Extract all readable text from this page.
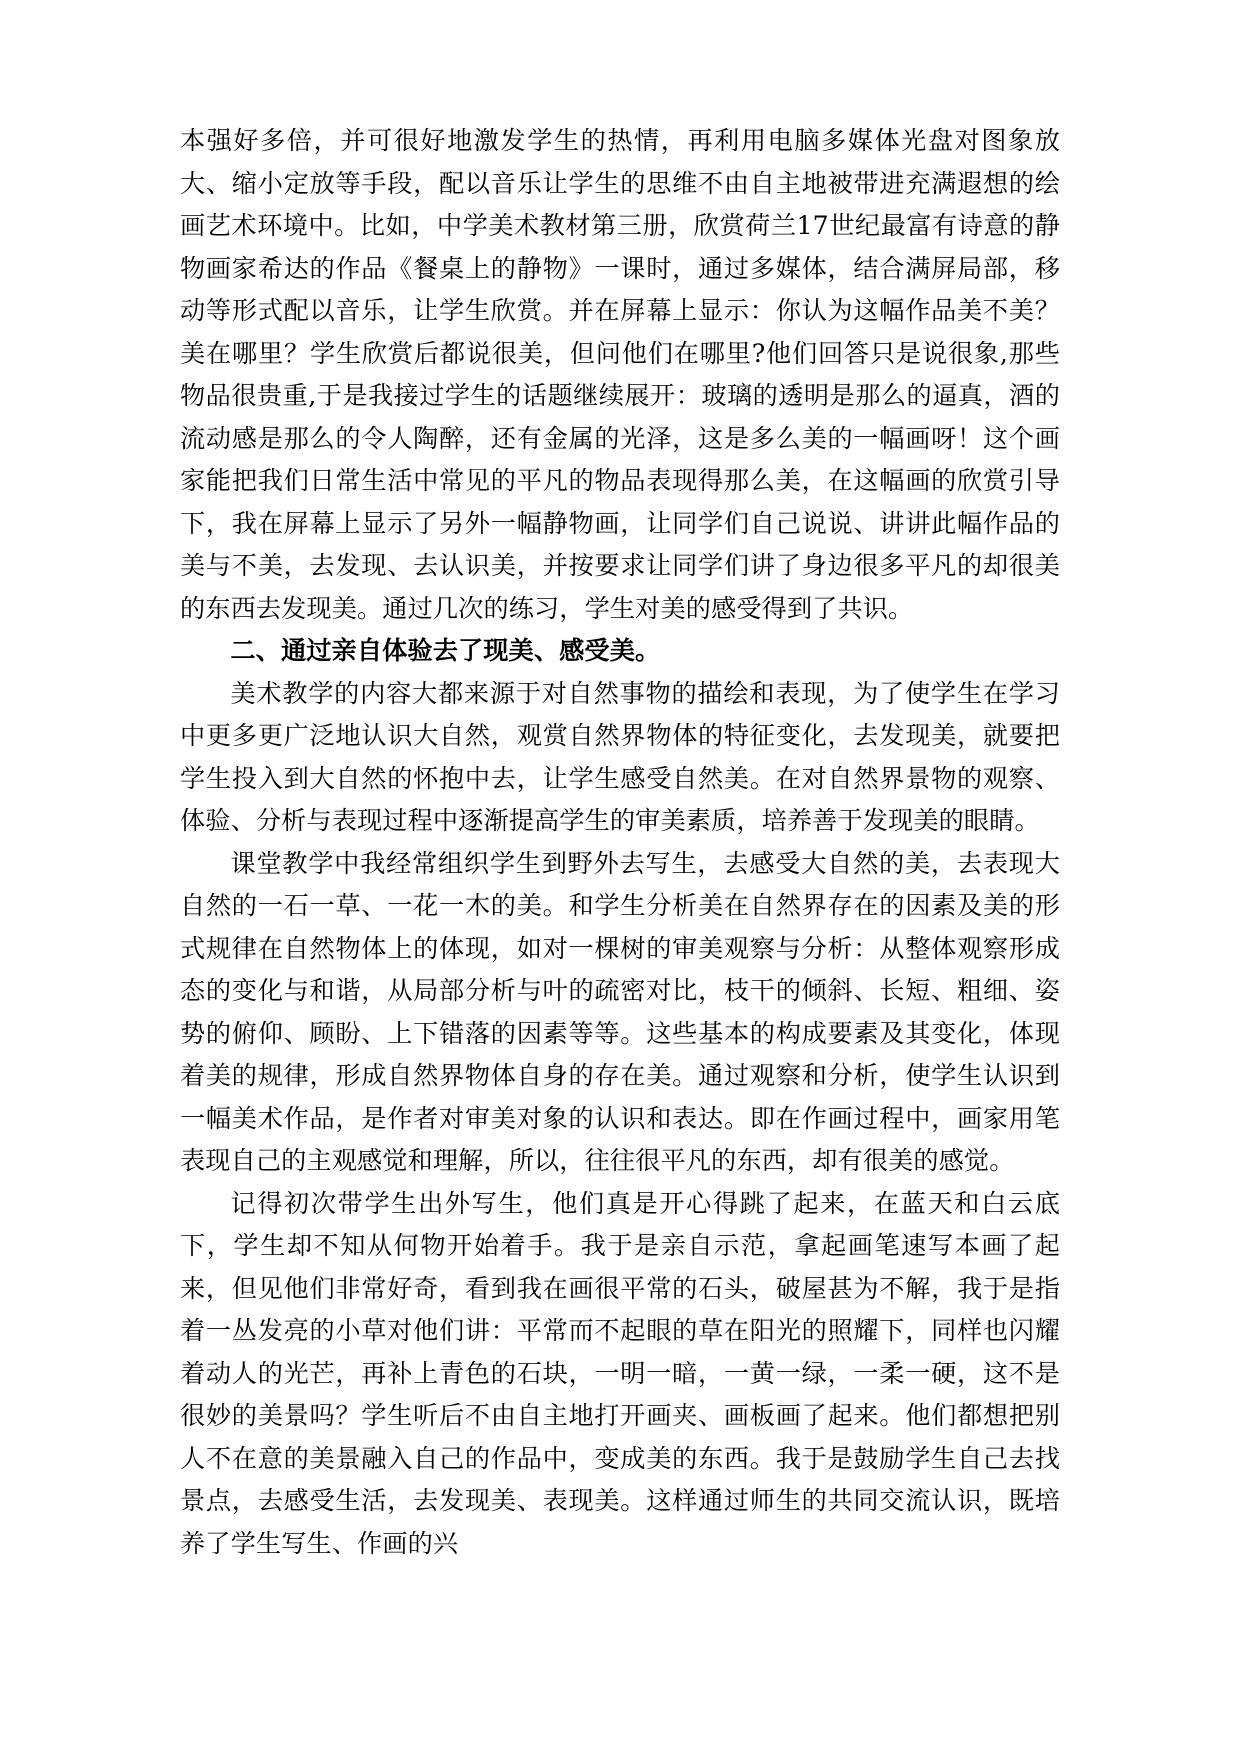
本强好多倍，并可很好地激发学生的热情，再利用电脑多媒体光盘对图象放大、缩小定放等手段，配以音乐让学生的思维不由自主地被带进充满遐想的绘画艺术环境中。比如，中学美术教材第三册，欣赏荷兰17世纪最富有诗意的静物画家希达的作品《餐桌上的静物》一课时，通过多媒体，结合满屏局部，移动等形式配以音乐，让学生欣赏。并在屏幕上显示：你认为这幅作品美不美？美在哪里？学生欣赏后都说很美，但问他们在哪里?他们回答只是说很象,那些物品很贵重,于是我接过学生的话题继续展开：玻璃的透明是那么的逼真，酒的流动感是那么的令人陶醉，还有金属的光泽，这是多么美的一幅画呀！这个画家能把我们日常生活中常见的平凡的物品表现得那么美，在这幅画的欣赏引导下，我在屏幕上显示了另外一幅静物画，让同学们自己说说、讲讲此幅作品的美与不美，去发现、去认识美，并按要求让同学们讲了身边很多平凡的却很美的东西去发现美。通过几次的练习，学生对美的感受得到了共识。

二、通过亲自体验去了现美、感受美。

美术教学的内容大都来源于对自然事物的描绘和表现，为了使学生在学习中更多更广泛地认识大自然，观赏自然界物体的特征变化，去发现美，就要把学生投入到大自然的怀抱中去，让学生感受自然美。在对自然界景物的观察、体验、分析与表现过程中逐渐提高学生的审美素质，培养善于发现美的眼睛。

课堂教学中我经常组织学生到野外去写生，去感受大自然的美，去表现大自然的一石一草、一花一木的美。和学生分析美在自然界存在的因素及美的形式规律在自然物体上的体现，如对一棵树的审美观察与分析：从整体观察形成态的变化与和谐，从局部分析与叶的疏密对比，枝干的倾斜、长短、粗细、姿势的俯仰、顾盼、上下错落的因素等等。这些基本的构成要素及其变化，体现着美的规律，形成自然界物体自身的存在美。通过观察和分析，使学生认识到一幅美术作品，是作者对审美对象的认识和表达。即在作画过程中，画家用笔表现自己的主观感觉和理解，所以，往往很平凡的东西，却有很美的感觉。

记得初次带学生出外写生，他们真是开心得跳了起来，在蓝天和白云底下，学生却不知从何物开始着手。我于是亲自示范，拿起画笔速写本画了起来，但见他们非常好奇，看到我在画很平常的石头，破屋甚为不解，我于是指着一丛发亮的小草对他们讲：平常而不起眼的草在阳光的照耀下，同样也闪耀着动人的光芒，再补上青色的石块，一明一暗，一黄一绿，一柔一硬，这不是很妙的美景吗？学生听后不由自主地打开画夹、画板画了起来。他们都想把别人不在意的美景融入自己的作品中，变成美的东西。我于是鼓励学生自己去找景点，去感受生活，去发现美、表现美。这样通过师生的共同交流认识，既培养了学生写生、作画的兴
